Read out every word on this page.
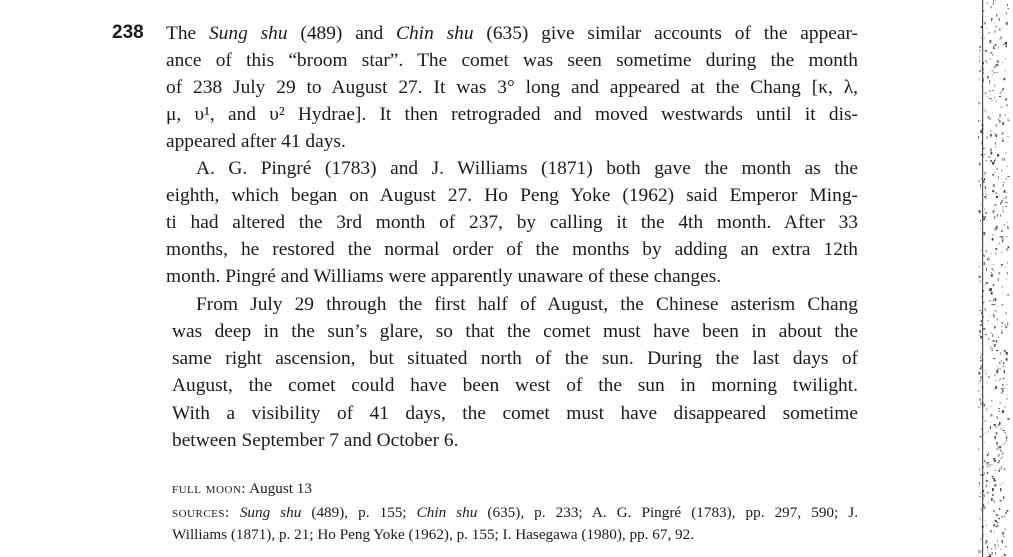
238 The Sung shu (489) and Chin shu (635) give similar accounts of the appear-
ance of this “broom star”. The comet was seen sometime during the month
of 238 July 29 to August 27. It was 3° long and appeared at the Chang [κ, λ,
μ, υ¹, and υ² Hydrae]. It then retrograded and moved westwards until it dis-
appeared after 41 days.
A. G. Pingré (1783) and J. Williams (1871) both gave the month as the
eighth, which began on August 27. Ho Peng Yoke (1962) said Emperor Ming-
ti had altered the 3rd month of 237, by calling it the 4th month. After 33
months, he restored the normal order of the months by adding an extra 12th
month. Pingré and Williams were apparently unaware of these changes.
From July 29 through the first half of August, the Chinese asterism Chang
was deep in the sun’s glare, so that the comet must have been in about the
same right ascension, but situated north of the sun. During the last days of
August, the comet could have been west of the sun in morning twilight.
With a visibility of 41 days, the comet must have disappeared sometime
between September 7 and October 6.
full moon: August 13
sources: Sung shu (489), p. 155; Chin shu (635), p. 233; A. G. Pingré (1783), pp. 297, 590; J.
Williams (1871), p. 21; Ho Peng Yoke (1962), p. 155; I. Hasegawa (1980), pp. 67, 92.
